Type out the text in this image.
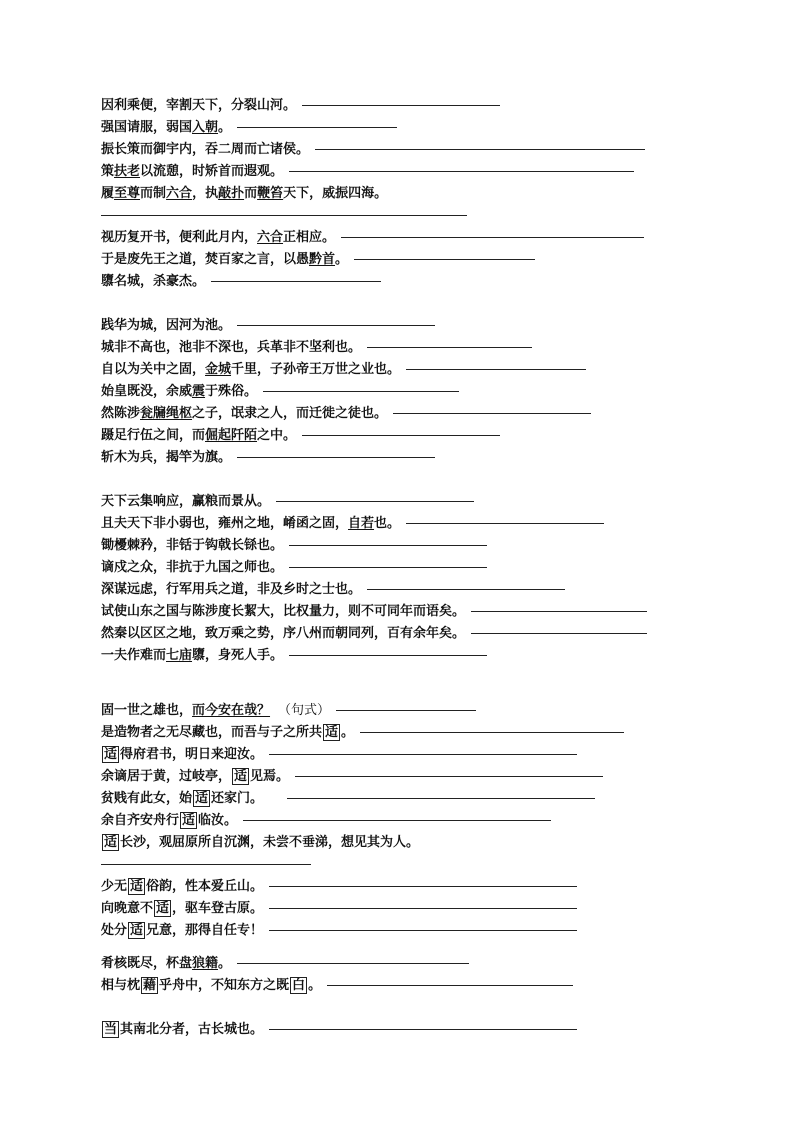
因利乘便，宰割天下，分裂山河。
强国请服，弱国入朝。
振长策而御宇内，吞二周而亡诸侯。
策扶老以流憩，时矫首而遐观。
履至尊而制六合，执敲扑而鞭笞天下，威振四海。
视历复开书，便利此月内，六合正相应。
于是废先王之道，焚百家之言，以愚黔首。
隳名城，杀豪杰。
践华为城，因河为池。
城非不高也，池非不深也，兵革非不坚利也。
自以为关中之固，金城千里，子孙帝王万世之业也。
始皇既没，余威震于殊俗。
然陈涉瓮牖绳枢之子，氓隶之人，而迁徙之徒也。
蹑足行伍之间，而倔起阡陌之中。
斩木为兵，揭竿为旗。
天下云集响应，赢粮而景从。
且夫天下非小弱也，雍州之地，崤函之固，自若也。
锄櫌棘矜，非铦于钩戟长铩也。
谪戍之众，非抗于九国之师也。
深谋远虑，行军用兵之道，非及乡时之士也。
试使山东之国与陈涉度长絜大，比权量力，则不可同年而语矣。
然秦以区区之地，致万乘之势，序八州而朝同列，百有余年矣。
一夫作难而七庙隳，身死人手。
固一世之雄也，而今安在哉？ （句式）
是造物者之无尽藏也，而吾与子之所共 适 。
适 得府君书，明日来迎汝。
余谪居于黄，过岐亭， 适 见焉。
贫贱有此女，始 适 还家门。
余自齐安舟行 适 临汝。
适 长沙，观屈原所自沉渊，未尝不垂涕，想见其为人。
少无 适 俗韵，性本爱丘山。
向晚意不 适 ，驱车登古原。
处分 适 兄意，那得自任专！
肴核既尽，杯盘狼籍。
相与枕 藉 乎舟中，不知东方之既 白 。
当 其南北分者，古长城也。
